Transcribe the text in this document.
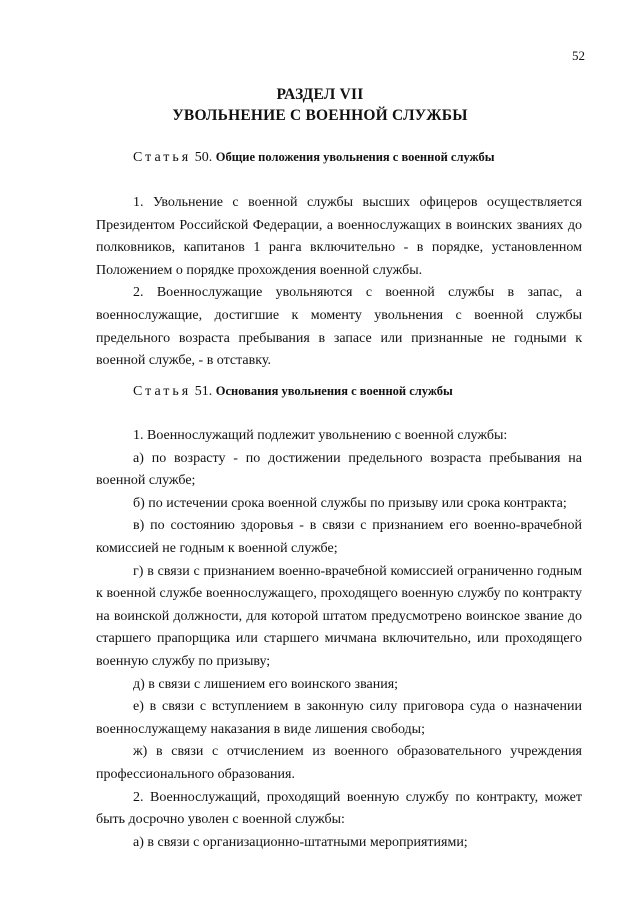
52
РАЗДЕЛ VII
УВОЛЬНЕНИЕ С ВОЕННОЙ СЛУЖБЫ
Статья 50. Общие положения увольнения с военной службы

1. Увольнение с военной службы высших офицеров осуществляется Президентом Российской Федерации, а военнослужащих в воинских званиях до полковников, капитанов 1 ранга включительно - в порядке, установленном Положением о порядке прохождения военной службы.

2. Военнослужащие увольняются с военной службы в запас, а военнослужащие, достигшие к моменту увольнения с военной службы предельного возраста пребывания в запасе или признанные не годными к военной службе, - в отставку.

Статья 51. Основания увольнения с военной службы

1. Военнослужащий подлежит увольнению с военной службы:

а) по возрасту - по достижении предельного возраста пребывания на военной службе;

б) по истечении срока военной службы по призыву или срока контракта;

в) по состоянию здоровья - в связи с признанием его военно-врачебной комиссией не годным к военной службе;

г) в связи с признанием военно-врачебной комиссией ограниченно годным к военной службе военнослужащего, проходящего военную службу по контракту на воинской должности, для которой штатом предусмотрено воинское звание до старшего прапорщика или старшего мичмана включительно, или проходящего военную службу по призыву;

д) в связи с лишением его воинского звания;

е) в связи с вступлением в законную силу приговора суда о назначении военнослужащему наказания в виде лишения свободы;

ж) в связи с отчислением из военного образовательного учреждения профессионального образования.

2. Военнослужащий, проходящий военную службу по контракту, может быть досрочно уволен с военной службы:

а) в связи с организационно-штатными мероприятиями;
